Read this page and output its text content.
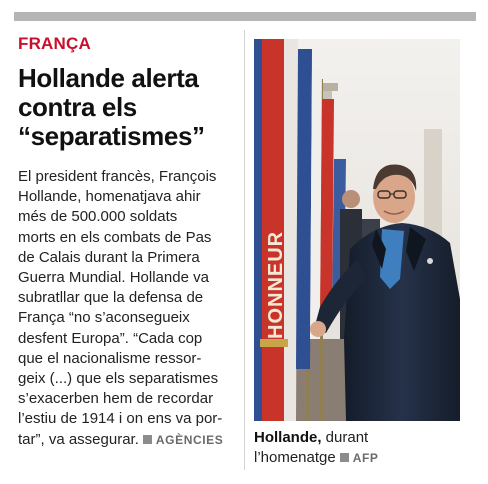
FRANÇA
Hollande alerta
contra els
“separatismes”
El president francès, François
Hollande, homenatjava ahir
més de 500.000 soldats
morts en els combats de Pas
de Calais durant la Primera
Guerra Mundial. Hollande va
subratllar que la defensa de
França “no s’aconsegueix
desfent Europa”. “Cada cop
que el nacionalisme ressor-
geix (...) que els separatismes
s’exacerben hem de recordar
l’estiu de 1914 i on ens va por-
tar”, va assegurar. AGÈNCIES
HONNEUR
Hollande, durant
l’homenatge AFP
